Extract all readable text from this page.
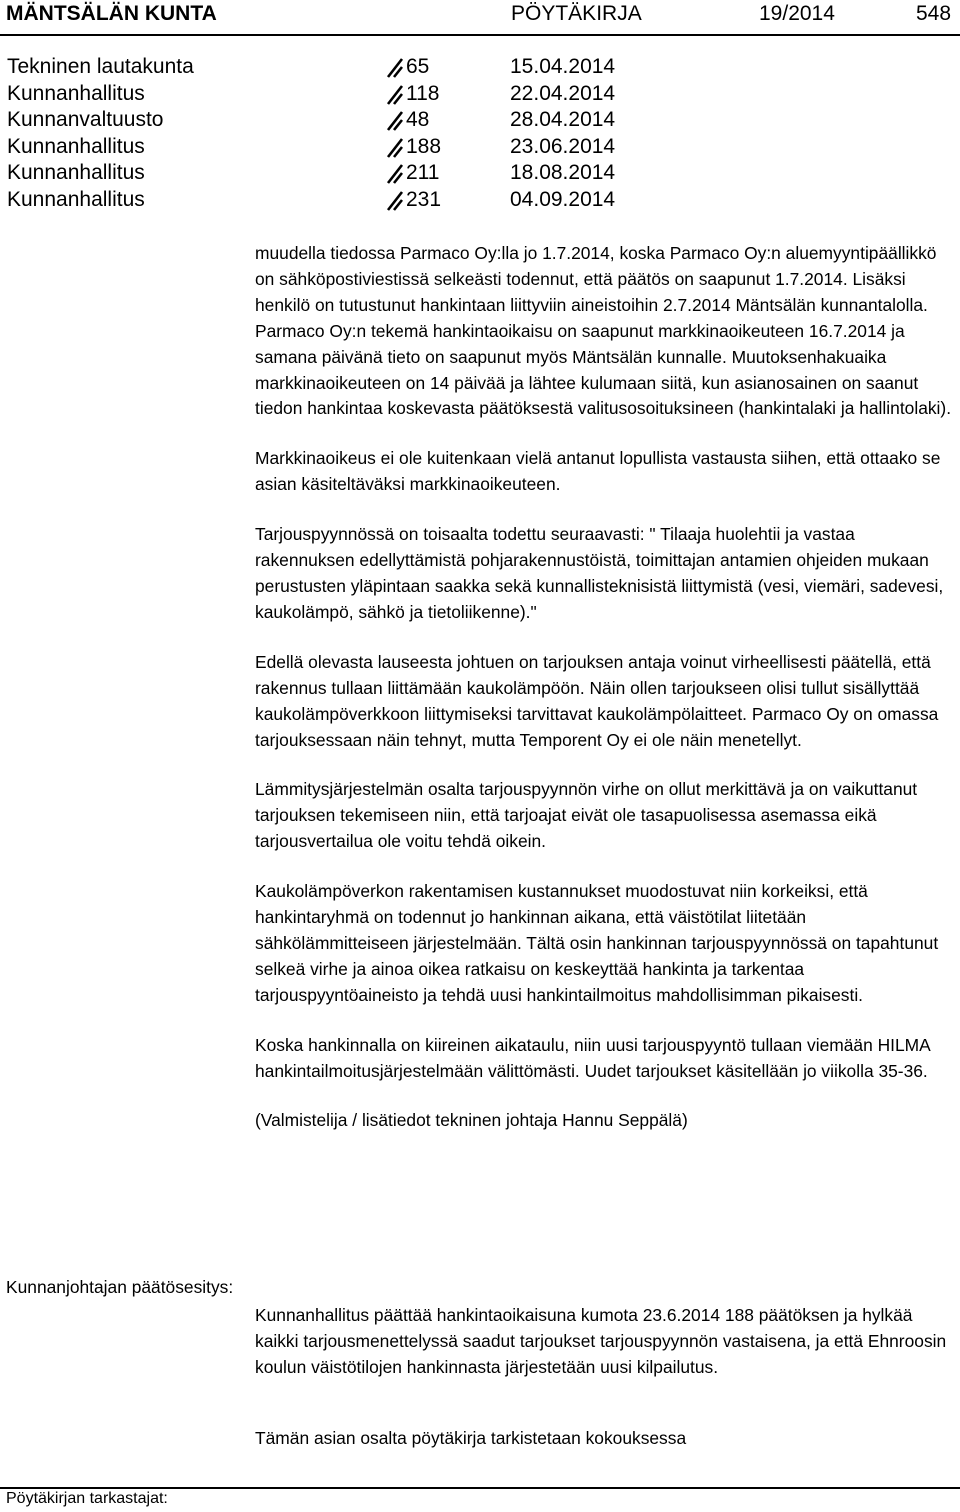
MÄNTSÄLÄN KUNTA	PÖYTÄKIRJA	19/2014	548
Tekninen lautakunta	65	15.04.2014
Kunnanhallitus	118	22.04.2014
Kunnanvaltuusto	48	28.04.2014
Kunnanhallitus	188	23.06.2014
Kunnanhallitus	211	18.08.2014
Kunnanhallitus	231	04.09.2014

muudella tiedossa Parmaco Oy:lla jo 1.7.2014, koska Parmaco Oy:n aluemyyntipäällikkö on sähköpostiviestissä selkeästi todennut, että päätös on saapunut 1.7.2014. Lisäksi henkilö on tutustunut hankintaan liittyviin aineistoihin 2.7.2014 Mäntsälän kunnantalolla. Parmaco Oy:n tekemä hankintaoikaisu on saapunut markkinaoikeuteen 16.7.2014 ja samana päivänä tieto on saapunut myös Mäntsälän kunnalle. Muutoksenhakuaika markkinaoikeuteen on 14 päivää ja lähtee kulumaan siitä, kun asianosainen on saanut tiedon hankintaa koskevasta päätöksestä valitusosoituksineen (hankintalaki ja hallintolaki).

Markkinaoikeus ei ole kuitenkaan vielä antanut lopullista vastausta siihen, että ottaako se asian käsiteltäväksi markkinaoikeuteen.

Tarjouspyynnössä on toisaalta todettu seuraavasti: " Tilaaja huolehtii ja vastaa rakennuksen edellyttämistä pohjarakennustöistä, toimittajan antamien ohjeiden mukaan perustusten yläpintaan saakka sekä kunnallisteknisistä liittymistä (vesi, viemäri, sadevesi, kaukolämpö, sähkö ja tietoliikenne)."

Edellä olevasta lauseesta johtuen on tarjouksen antaja voinut virheellisesti päätellä, että rakennus tullaan liittämään kaukolämpöön. Näin ollen tarjoukseen olisi tullut sisällyttää kaukolämpöverkkoon liittymiseksi tarvittavat kaukolämpölaitteet. Parmaco Oy on omassa tarjouksessaan näin tehnyt, mutta Temporent Oy ei ole näin menetellyt.

Lämmitysjärjestelmän osalta tarjouspyynnön virhe on ollut merkittävä ja on vaikuttanut tarjouksen tekemiseen niin, että tarjoajat eivät ole tasapuolisessa asemassa eikä tarjousvertailua ole voitu tehdä oikein.

Kaukolämpöverkon rakentamisen kustannukset muodostuvat niin korkeiksi, että hankintaryhmä on todennut jo hankinnan aikana, että väistötilat liitetään sähkölämmitteiseen järjestelmään. Tältä osin hankinnan tarjouspyynnössä on tapahtunut selkeä virhe ja ainoa oikea ratkaisu on keskeyttää hankinta ja tarkentaa tarjouspyyntöaineisto ja tehdä uusi hankintailmoitus mahdollisimman pikaisesti.

Koska hankinnalla on kiireinen aikataulu, niin uusi tarjouspyyntö tullaan viemään HILMA hankintailmoitusjärjestelmään välittömästi. Uudet tarjoukset käsitellään jo viikolla 35-36.

(Valmistelija / lisätiedot tekninen johtaja Hannu Seppälä)

Kunnanjohtajan päätösesitys:

Kunnanhallitus päättää hankintaoikaisuna kumota 23.6.2014 188 päätöksen ja hylkää kaikki tarjousmenettelyssä saadut tarjoukset tarjouspyynnön vastaisena, ja että Ehnroosin koulun väistötilojen hankinnasta järjestetään uusi kilpailutus.

Tämän asian osalta pöytäkirja tarkistetaan kokouksessa

Pöytäkirjan tarkastajat:
